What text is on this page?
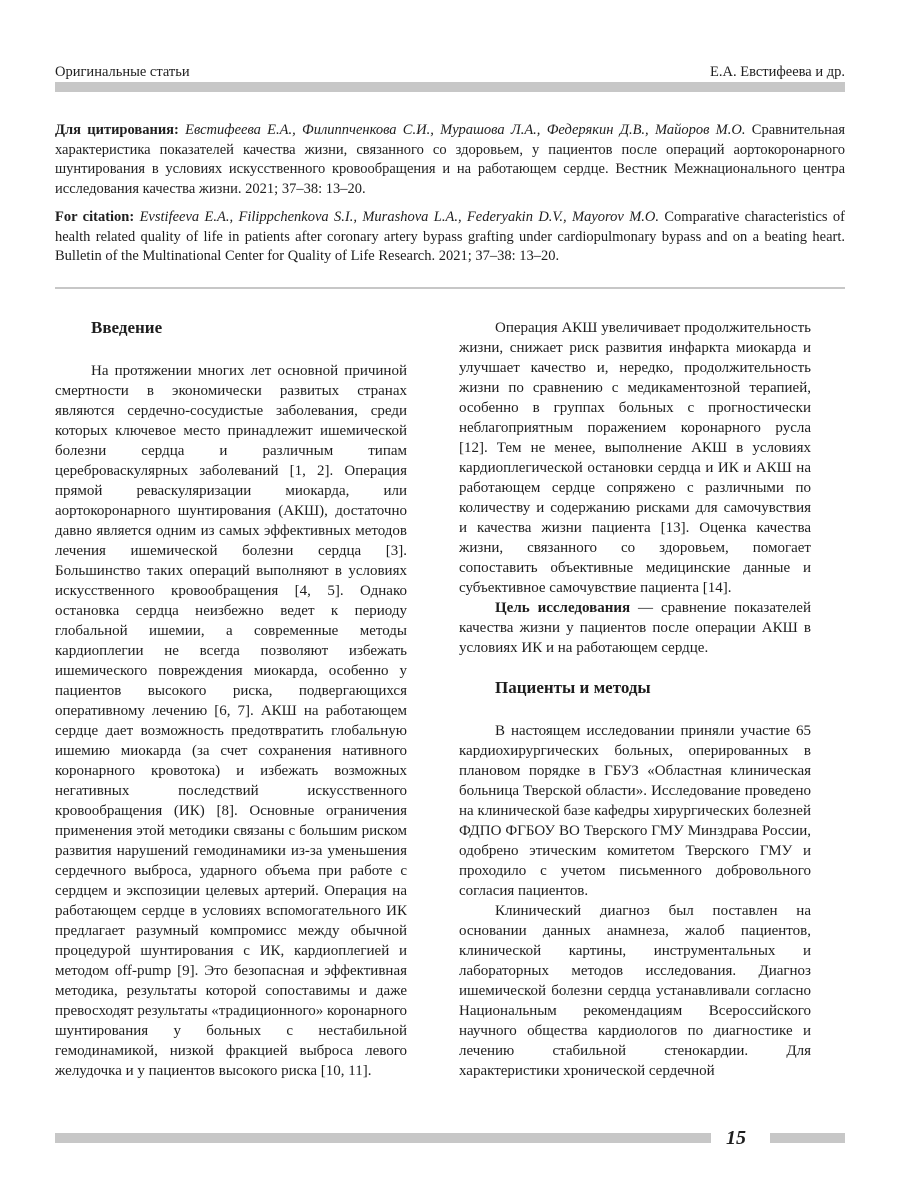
Оригинальные статьи	Е.А. Евстифеева и др.
Для цитирования: Евстифеева Е.А., Филиппченкова С.И., Мурашова Л.А., Федерякин Д.В., Майоров М.О. Сравнительная характеристика показателей качества жизни, связанного со здоровьем, у пациентов после операций аортокоронарного шунтирования в условиях искусственного кровообращения и на работающем сердце. Вестник Межнационального центра исследования качества жизни. 2021; 37–38: 13–20.
For citation: Evstifeeva E.A., Filippchenkova S.I., Murashova L.A., Federyakin D.V., Mayorov M.O. Comparative characteristics of health related quality of life in patients after coronary artery bypass grafting under cardiopulmonary bypass and on a beating heart. Bulletin of the Multinational Center for Quality of Life Research. 2021; 37–38: 13–20.
Введение

На протяжении многих лет основной причиной смертности в экономически развитых странах являются сердечно-сосудистые заболевания, среди которых ключевое место принадлежит ишемической болезни сердца и различным типам цереброваскулярных заболеваний [1, 2]. Операция прямой реваскуляризации миокарда, или аортокоронарного шунтирования (АКШ), достаточно давно является одним из самых эффективных методов лечения ишемической болезни сердца [3]. Большинство таких операций выполняют в условиях искусственного кровообращения [4, 5]. Однако остановка сердца неизбежно ведет к периоду глобальной ишемии, а современные методы кардиоплегии не всегда позволяют избежать ишемического повреждения миокарда, особенно у пациентов высокого риска, подвергающихся оперативному лечению [6, 7]. АКШ на работающем сердце дает возможность предотвратить глобальную ишемию миокарда (за счет сохранения нативного коронарного кровотока) и избежать возможных негативных последствий искусственного кровообращения (ИК) [8]. Основные ограничения применения этой методики связаны с большим риском развития нарушений гемодинамики из-за уменьшения сердечного выброса, ударного объема при работе с сердцем и экспозиции целевых артерий. Операция на работающем сердце в условиях вспомогательного ИК предлагает разумный компромисс между обычной процедурой шунтирования с ИК, кардиоплегией и методом off-pump [9]. Это безопасная и эффективная методика, результаты которой сопоставимы и даже превосходят результаты «традиционного» коронарного шунтирования у больных с нестабильной гемодинамикой, низкой фракцией выброса левого желудочка и у пациентов высокого риска [10, 11].

Операция АКШ увеличивает продолжительность жизни, снижает риск развития инфаркта миокарда и улучшает качество и, нередко, продолжительность жизни по сравнению с медикаментозной терапией, особенно в группах больных с прогностически неблагоприятным поражением коронарного русла [12]. Тем не менее, выполнение АКШ в условиях кардиоплегической остановки сердца и ИК и АКШ на работающем сердце сопряжено с различными по количеству и содержанию рисками для самочувствия и качества жизни пациента [13]. Оценка качества жизни, связанного со здоровьем, помогает сопоставить объективные медицинские данные и субъективное самочувствие пациента [14].

Цель исследования — сравнение показателей качества жизни у пациентов после операции АКШ в условиях ИК и на работающем сердце.

Пациенты и методы

В настоящем исследовании приняли участие 65 кардиохирургических больных, оперированных в плановом порядке в ГБУЗ «Областная клиническая больница Тверской области». Исследование проведено на клинической базе кафедры хирургических болезней ФДПО ФГБОУ ВО Тверского ГМУ Минздрава России, одобрено этическим комитетом Тверского ГМУ и проходило с учетом письменного добровольного согласия пациентов.

Клинический диагноз был поставлен на основании данных анамнеза, жалоб пациентов, клинической картины, инструментальных и лабораторных методов исследования. Диагноз ишемической болезни сердца устанавливали согласно Национальным рекомендациям Всероссийского научного общества кардиологов по диагностике и лечению стабильной стенокардии. Для характеристики хронической сердечной

15
